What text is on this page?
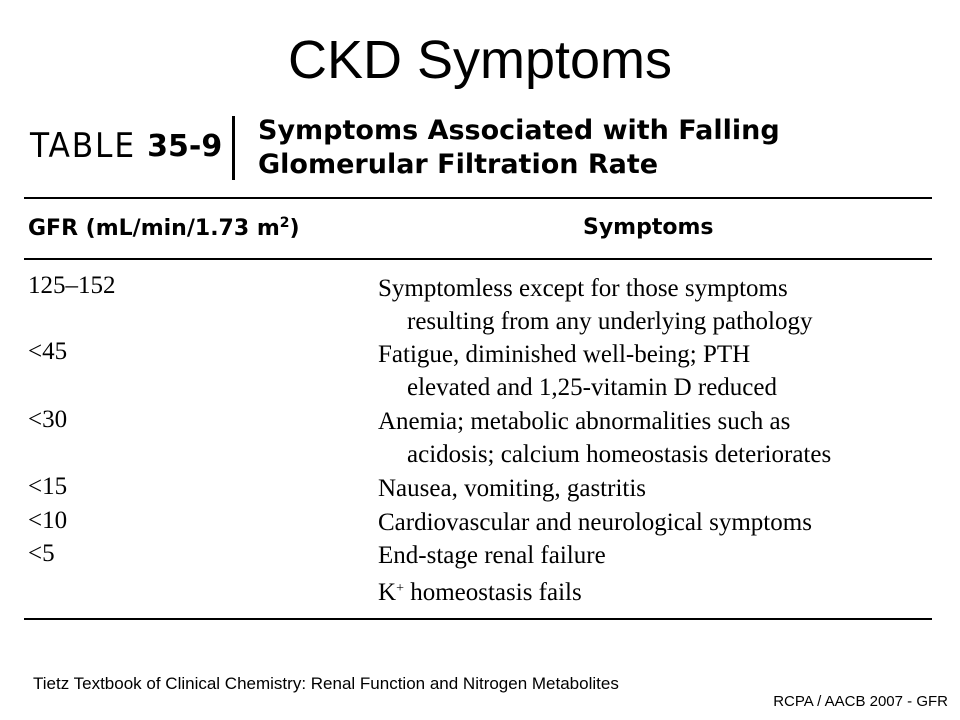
CKD Symptoms
TABLE 35-9 Symptoms Associated with Falling
Glomerular Filtration Rate
GFR (mL/min/1.73 $m^2$)	Symptoms
125–152
<45
<30
<15
<10
<5
Symptomless except for those symptoms
resulting from any underlying pathology
Fatigue, diminished well-being; PTH
elevated and 1,25-vitamin D reduced
Anemia; metabolic abnormalities such as
acidosis; calcium homeostasis deteriorates
Nausea, vomiting, gastritis
Cardiovascular and neurological symptoms
End-stage renal failure
K+ homeostasis fails
Tietz Textbook of Clinical Chemistry: Renal Function and Nitrogen Metabolites
RCPA / AACB 2007 - GFR
